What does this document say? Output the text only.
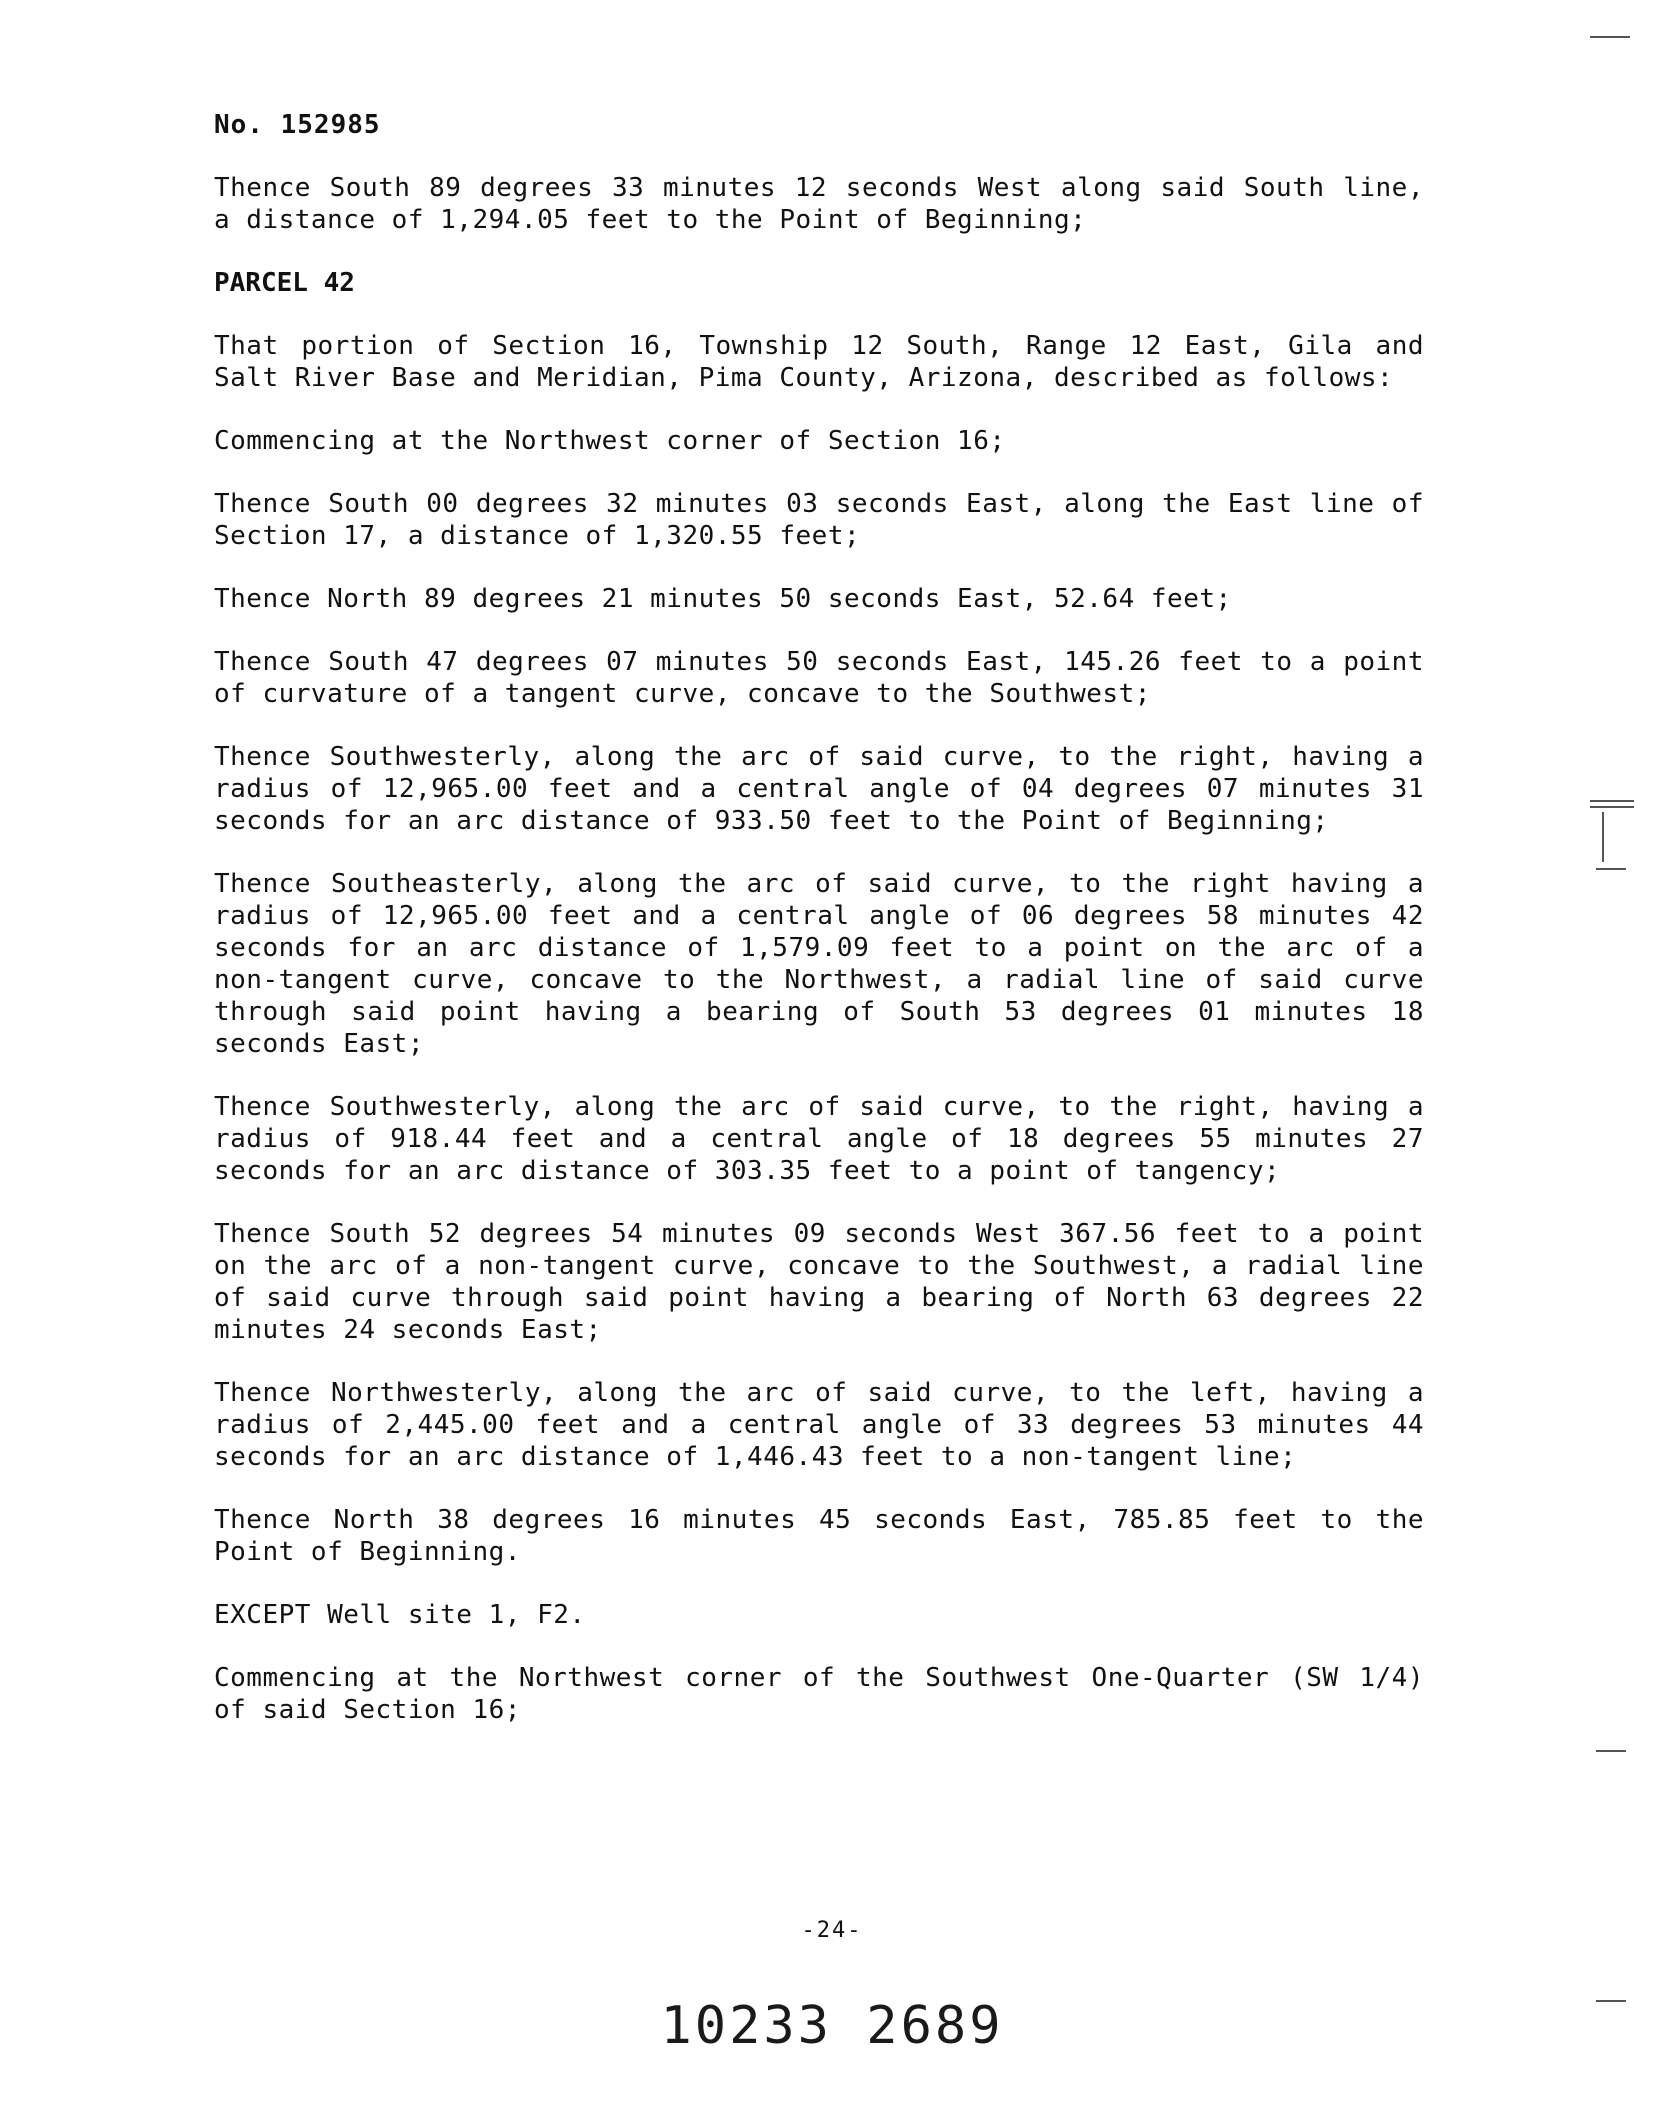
No. 152985

Thence South 89 degrees 33 minutes 12 seconds West along said South line, a distance of 1,294.05 feet to the Point of Beginning;

PARCEL 42

That portion of Section 16, Township 12 South, Range 12 East, Gila and Salt River Base and Meridian, Pima County, Arizona, described as follows:

Commencing at the Northwest corner of Section 16;

Thence South 00 degrees 32 minutes 03 seconds East, along the East line of Section 17, a distance of 1,320.55 feet;

Thence North 89 degrees 21 minutes 50 seconds East, 52.64 feet;

Thence South 47 degrees 07 minutes 50 seconds East, 145.26 feet to a point of curvature of a tangent curve, concave to the Southwest;

Thence Southwesterly, along the arc of said curve, to the right, having a radius of 12,965.00 feet and a central angle of 04 degrees 07 minutes 31 seconds for an arc distance of 933.50 feet to the Point of Beginning;

Thence Southeasterly, along the arc of said curve, to the right having a radius of 12,965.00 feet and a central angle of 06 degrees 58 minutes 42 seconds for an arc distance of 1,579.09 feet to a point on the arc of a non-tangent curve, concave to the Northwest, a radial line of said curve through said point having a bearing of South 53 degrees 01 minutes 18 seconds East;

Thence Southwesterly, along the arc of said curve, to the right, having a radius of 918.44 feet and a central angle of 18 degrees 55 minutes 27 seconds for an arc distance of 303.35 feet to a point of tangency;

Thence South 52 degrees 54 minutes 09 seconds West 367.56 feet to a point on the arc of a non-tangent curve, concave to the Southwest, a radial line of said curve through said point having a bearing of North 63 degrees 22 minutes 24 seconds East;

Thence Northwesterly, along the arc of said curve, to the left, having a radius of 2,445.00 feet and a central angle of 33 degrees 53 minutes 44 seconds for an arc distance of 1,446.43 feet to a non-tangent line;

Thence North 38 degrees 16 minutes 45 seconds East, 785.85 feet to the Point of Beginning.

EXCEPT Well site 1, F2.

Commencing at the Northwest corner of the Southwest One-Quarter (SW 1/4) of said Section 16;

-24-
10233 2689
